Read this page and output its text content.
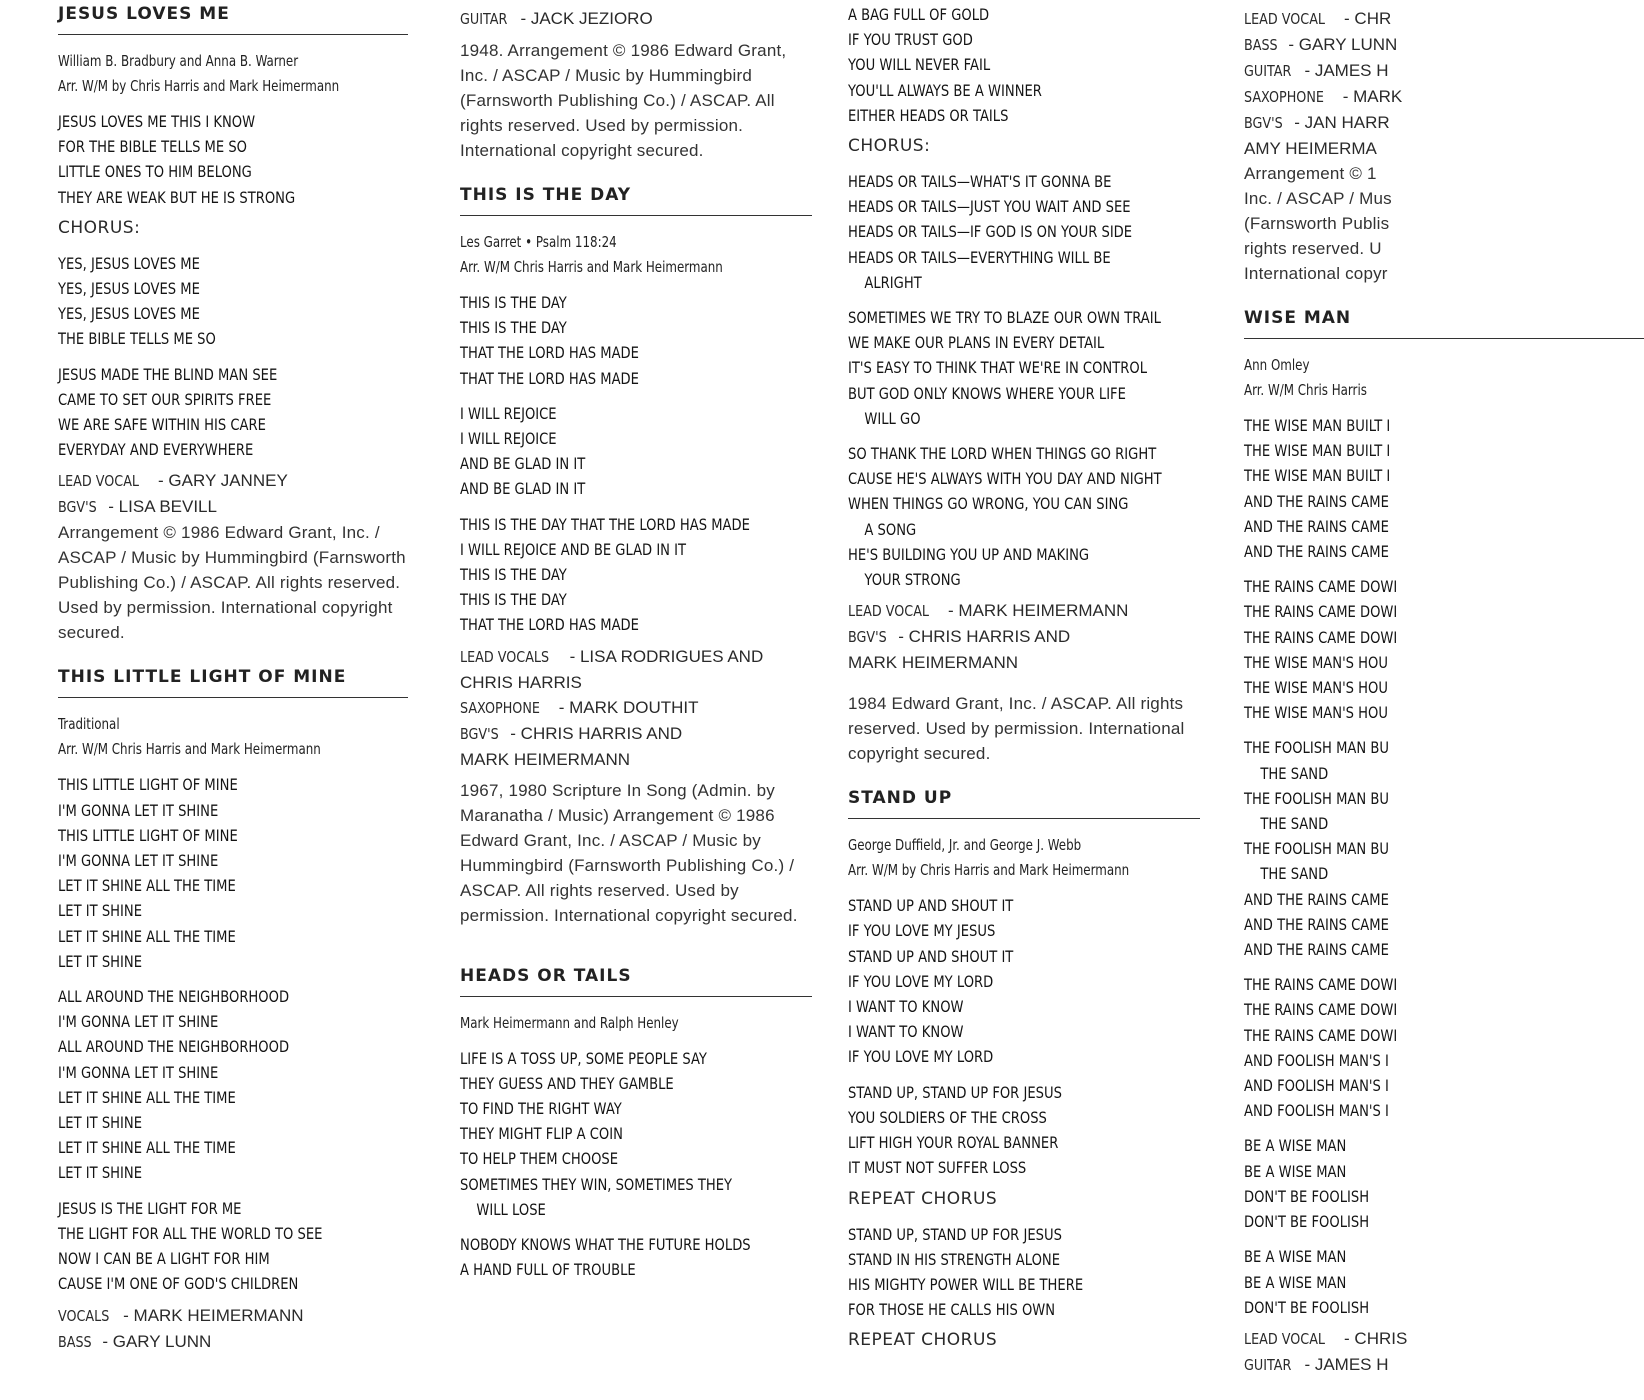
JESUS LOVES ME
William B. Bradbury and Anna B. Warner
Arr. W/M by Chris Harris and Mark Heimermann
JESUS LOVES ME THIS I KNOW
FOR THE BIBLE TELLS ME SO
LITTLE ONES TO HIM BELONG
THEY ARE WEAK BUT HE IS STRONG
CHORUS:
YES, JESUS LOVES ME
YES, JESUS LOVES ME
YES, JESUS LOVES ME
THE BIBLE TELLS ME SO
JESUS MADE THE BLIND MAN SEE
CAME TO SET OUR SPIRITS FREE
WE ARE SAFE WITHIN HIS CARE
EVERYDAY AND EVERYWHERE
LEAD VOCAL - GARY JANNEY
BGV'S - LISA BEVILL
Arrangement © 1986 Edward Grant, Inc. / ASCAP / Music by Hummingbird (Farnsworth Publishing Co.) / ASCAP. All rights reserved. Used by permission. International copyright secured.
THIS LITTLE LIGHT OF MINE
Traditional
Arr. W/M Chris Harris and Mark Heimermann
THIS LITTLE LIGHT OF MINE
I'M GONNA LET IT SHINE
THIS LITTLE LIGHT OF MINE
I'M GONNA LET IT SHINE
LET IT SHINE ALL THE TIME
LET IT SHINE
LET IT SHINE ALL THE TIME
LET IT SHINE
ALL AROUND THE NEIGHBORHOOD
I'M GONNA LET IT SHINE
ALL AROUND THE NEIGHBORHOOD
I'M GONNA LET IT SHINE
LET IT SHINE ALL THE TIME
LET IT SHINE
LET IT SHINE ALL THE TIME
LET IT SHINE
JESUS IS THE LIGHT FOR ME
THE LIGHT FOR ALL THE WORLD TO SEE
NOW I CAN BE A LIGHT FOR HIM
CAUSE I'M ONE OF GOD'S CHILDREN
VOCALS - MARK HEIMERMANN
BASS - GARY LUNN
GUITAR - JACK JEZIORO
1948. Arrangement © 1986 Edward Grant, Inc. / ASCAP / Music by Hummingbird (Farnsworth Publishing Co.) / ASCAP. All rights reserved. Used by permission. International copyright secured.
THIS IS THE DAY
Les Garret • Psalm 118:24
Arr. W/M Chris Harris and Mark Heimermann
THIS IS THE DAY
THIS IS THE DAY
THAT THE LORD HAS MADE
THAT THE LORD HAS MADE
I WILL REJOICE
I WILL REJOICE
AND BE GLAD IN IT
AND BE GLAD IN IT
THIS IS THE DAY THAT THE LORD HAS MADE
I WILL REJOICE AND BE GLAD IN IT
THIS IS THE DAY
THIS IS THE DAY
THAT THE LORD HAS MADE
LEAD VOCALS - LISA RODRIGUES AND
CHRIS HARRIS
SAXOPHONE - MARK DOUTHIT
BGV'S - CHRIS HARRIS AND
MARK HEIMERMANN
1967, 1980 Scripture In Song (Admin. by Maranatha / Music) Arrangement © 1986 Edward Grant, Inc. / ASCAP / Music by Hummingbird (Farnsworth Publishing Co.) / ASCAP. All rights reserved. Used by permission. International copyright secured.
HEADS OR TAILS
Mark Heimermann and Ralph Henley
LIFE IS A TOSS UP, SOME PEOPLE SAY
THEY GUESS AND THEY GAMBLE
TO FIND THE RIGHT WAY
THEY MIGHT FLIP A COIN
TO HELP THEM CHOOSE
SOMETIMES THEY WIN, SOMETIMES THEY
WILL LOSE
NOBODY KNOWS WHAT THE FUTURE HOLDS
A HAND FULL OF TROUBLE
A BAG FULL OF GOLD
IF YOU TRUST GOD
YOU WILL NEVER FAIL
YOU'LL ALWAYS BE A WINNER
EITHER HEADS OR TAILS
CHORUS:
HEADS OR TAILS—WHAT'S IT GONNA BE
HEADS OR TAILS—JUST YOU WAIT AND SEE
HEADS OR TAILS—IF GOD IS ON YOUR SIDE
HEADS OR TAILS—EVERYTHING WILL BE
ALRIGHT
SOMETIMES WE TRY TO BLAZE OUR OWN TRAIL
WE MAKE OUR PLANS IN EVERY DETAIL
IT'S EASY TO THINK THAT WE'RE IN CONTROL
BUT GOD ONLY KNOWS WHERE YOUR LIFE
WILL GO
SO THANK THE LORD WHEN THINGS GO RIGHT
CAUSE HE'S ALWAYS WITH YOU DAY AND NIGHT
WHEN THINGS GO WRONG, YOU CAN SING
A SONG
HE'S BUILDING YOU UP AND MAKING
YOUR STRONG
LEAD VOCAL - MARK HEIMERMANN
BGV'S - CHRIS HARRIS AND
MARK HEIMERMANN
1984 Edward Grant, Inc. / ASCAP. All rights reserved. Used by permission. International copyright secured.
STAND UP
George Duffield, Jr. and George J. Webb
Arr. W/M by Chris Harris and Mark Heimermann
STAND UP AND SHOUT IT
IF YOU LOVE MY JESUS
STAND UP AND SHOUT IT
IF YOU LOVE MY LORD
I WANT TO KNOW
I WANT TO KNOW
IF YOU LOVE MY LORD
STAND UP, STAND UP FOR JESUS
YOU SOLDIERS OF THE CROSS
LIFT HIGH YOUR ROYAL BANNER
IT MUST NOT SUFFER LOSS
REPEAT CHORUS
STAND UP, STAND UP FOR JESUS
STAND IN HIS STRENGTH ALONE
HIS MIGHTY POWER WILL BE THERE
FOR THOSE HE CALLS HIS OWN
REPEAT CHORUS
LEAD VOCAL - CHR
BASS - GARY LUNN
GUITAR - JAMES H
SAXOPHONE - MARK
BGV'S - JAN HARR
AMY HEIMERMA
Arrangement © 1 Inc. / ASCAP / Mus (Farnsworth Publis rights reserved. U International copyr
WISE MAN
Ann Omley
Arr. W/M Chris Harris
THE WISE MAN BUILT I
THE WISE MAN BUILT I
THE WISE MAN BUILT I
AND THE RAINS CAME
AND THE RAINS CAME
AND THE RAINS CAME
THE RAINS CAME DOWI
THE RAINS CAME DOWI
THE RAINS CAME DOWI
THE WISE MAN'S HOU
THE WISE MAN'S HOU
THE WISE MAN'S HOU
THE FOOLISH MAN BU
THE SAND
THE FOOLISH MAN BU
THE SAND
THE FOOLISH MAN BU
THE SAND
AND THE RAINS CAME
AND THE RAINS CAME
AND THE RAINS CAME
THE RAINS CAME DOWI
THE RAINS CAME DOWI
THE RAINS CAME DOWI
AND FOOLISH MAN'S I
AND FOOLISH MAN'S I
AND FOOLISH MAN'S I
BE A WISE MAN
BE A WISE MAN
DON'T BE FOOLISH
DON'T BE FOOLISH
BE A WISE MAN
BE A WISE MAN
DON'T BE FOOLISH
LEAD VOCAL - CHRIS
GUITAR - JAMES H
